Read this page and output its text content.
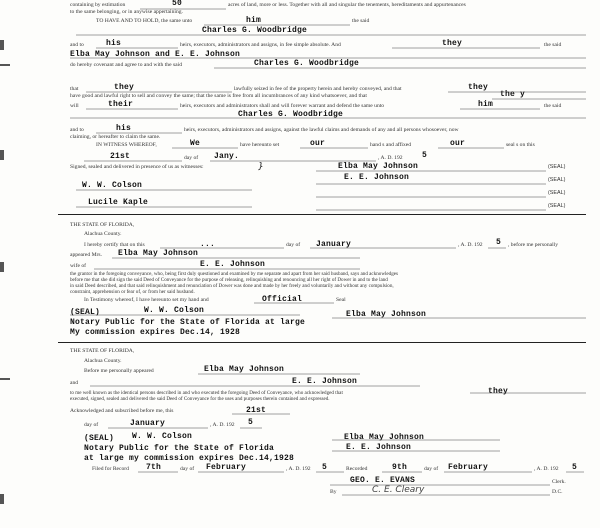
containing by estimation	50	acres of land, more or less. Together with all and singular the tenements, hereditaments and appurtenances
to the same belonging, or in anywise appertaining.
TO HAVE AND TO HOLD, the same unto	him	the said
Charles G. Woodbridge
and to	his	heirs, executors, administrators and assigns, in fee simple absolute. And	they	the said
Elba May Johnson and E. E. Johnson
do hereby covenant and agree to and with the said	Charles G. Woodbridge
that	they	lawfully seized in fee of the property herein and hereby conveyed, and that	they
have good and lawful right to sell and convey the same; that the same is free from all incumbrances of any kind whatsoever, and that	the y
will	their	heirs, executors and administrators shall and will forever warrant and defend the same unto	him	the said
Charles G. Woodbridge
and to	his	heirs, executors, administrators and assigns, against the lawful claims and demands of any and all persons whosoever, now
claiming, or hereafter to claim the same.
IN WITNESS WHEREOF,	We	have hereunto set	our	hand s and affixed	our	seal s on this
21st	day of Jany.	, A. D. 192 5
Signed, sealed and delivered in presence of us as witnesses:	}	Elba May Johnson	(SEAL)
E. E. Johnson	(SEAL)
W. W. Colson
(SEAL)
Lucile Kaple	(SEAL)
THE STATE OF FLORIDA,
Alachua County.
I hereby certify that on this	...	day of January	, A. D. 192 5 , before me personally
appeared Mrs. Elba May Johnson
wife of	E. E. Johnson
the grantor in the foregoing conveyance, who, being first duly questioned and examined by me separate and apart from her said husband, says and acknowledges
before me that she did sign the said Deed of Conveyance for the purpose of releasing, relinquishing and renouncing all her right of Dower in and to the land
in said Deed described, and that said relinquishment and renunciation of Dower was done and made by her freely and voluntarily and without any compulsion,
constraint, apprehension or fear of, or from her said husband.
In Testimony whereof, I have hereunto set my hand and	Official	Seal
(SEAL)	W. W. Colson	Elba May Johnson
Notary Public for the State of Florida at large
My commission expires Dec.14, 1928
THE STATE OF FLORIDA,
Alachua County.
Before me personally appeared	Elba May Johnson
and	E. E. Johnson
to me well known as the identical persons described in and who executed the foregoing Deed of Conveyance, who acknowledged that	they
executed, signed, sealed and delivered the said Deed of Conveyance for the uses and purposes therein contained and expressed.
Acknowledged and subscribed before me, this	21st
day of	January	, A. D. 192 5
(SEAL) W. W. Colson	Elba May Johnson
Notary Public for the State of Florida	E. E. Johnson
at large my commission expires Dec.14,1928
Filed for Record 7th	day of February	, A. D. 192 5	Recorded	9th	day of February	, A. D. 192 5
GEO. E. EVANS	Clerk.
By	C. E. Cleary	D.C.
